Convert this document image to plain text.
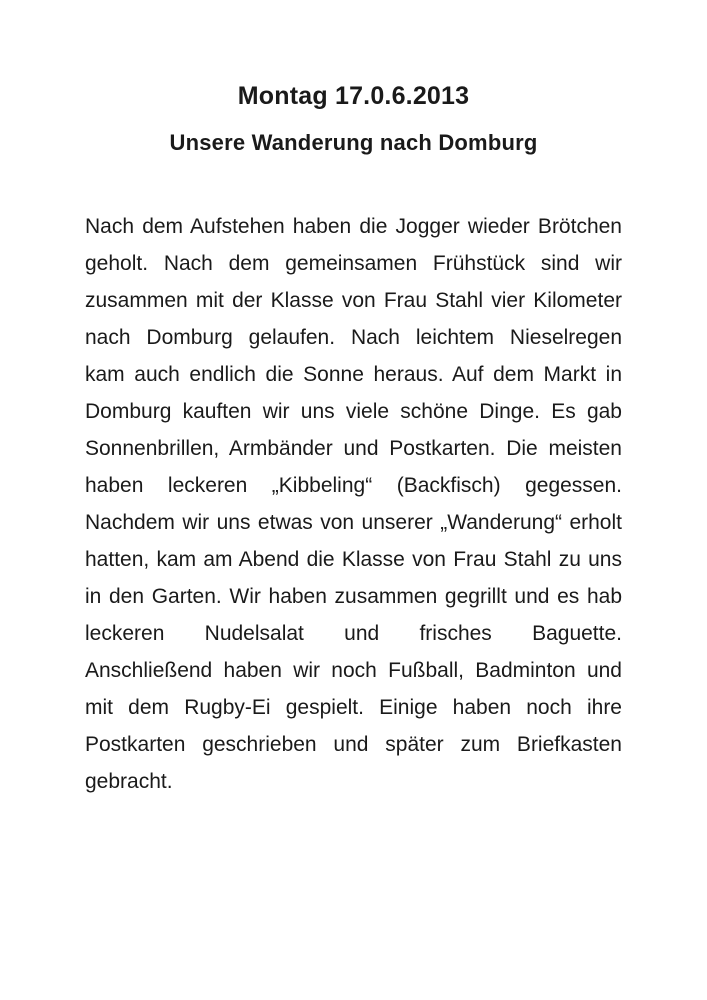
Montag 17.0.6.2013
Unsere Wanderung nach Domburg
Nach dem Aufstehen haben die Jogger wieder Brötchen
geholt. Nach dem gemeinsamen Frühstück sind wir
zusammen mit der Klasse von Frau Stahl vier Kilometer
nach Domburg gelaufen. Nach leichtem Nieselregen
kam auch endlich die Sonne heraus. Auf dem Markt in
Domburg kauften wir uns viele schöne Dinge. Es gab
Sonnenbrillen, Armbänder und Postkarten. Die meisten
haben leckeren „Kibbeling“ (Backfisch) gegessen.
Nachdem wir uns etwas von unserer „Wanderung“ erholt
hatten, kam am Abend die Klasse von Frau Stahl zu uns
in den Garten. Wir haben zusammen gegrillt und es hab
leckeren Nudelsalat und frisches Baguette.
Anschließend haben wir noch Fußball, Badminton und
mit dem Rugby-Ei gespielt. Einige haben noch ihre
Postkarten geschrieben und später zum Briefkasten
gebracht.
